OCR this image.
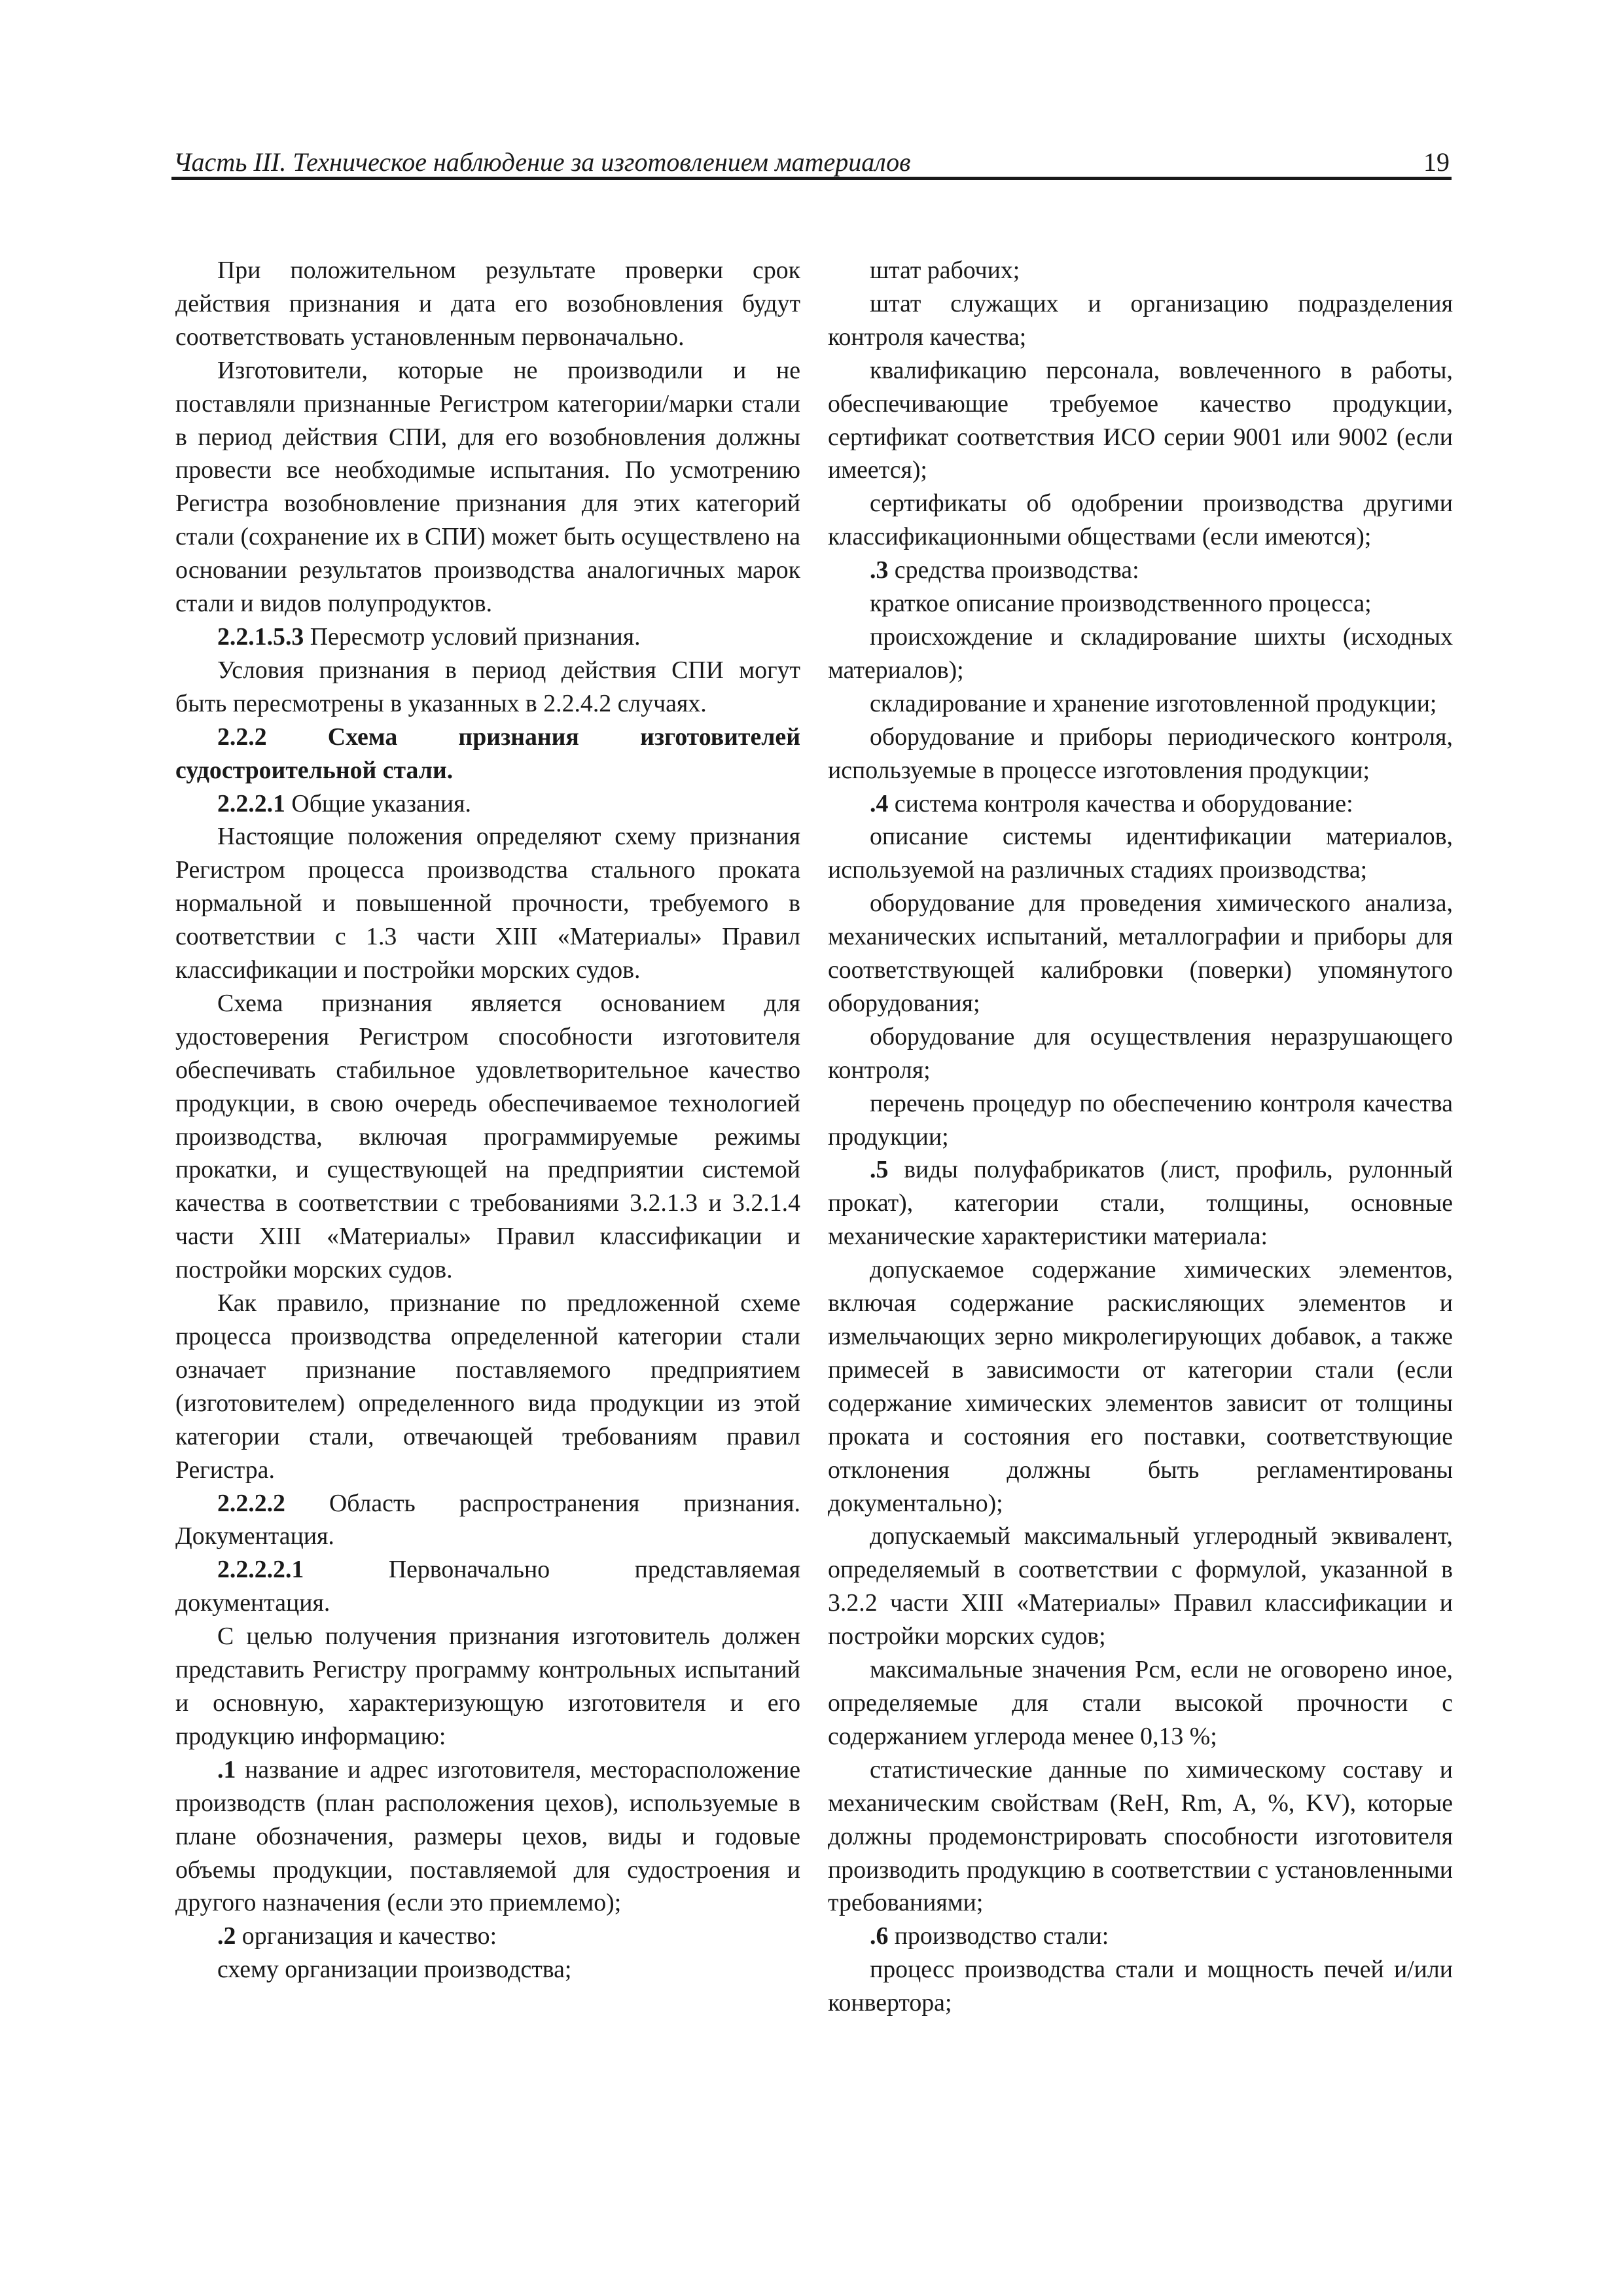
Часть III. Техническое наблюдение за изготовлением материалов	19

При положительном результате проверки срок действия признания и дата его возобновления будут соответствовать установленным первоначально.

Изготовители, которые не производили и не поставляли признанные Регистром категории/марки стали в период действия СПИ, для его возобновления должны провести все необходимые испытания. По усмотрению Регистра возобновление признания для этих категорий стали (сохранение их в СПИ) может быть осуществлено на основании результатов производства аналогичных марок стали и видов полупродуктов.

2.2.1.5.3 Пересмотр условий признания.

Условия признания в период действия СПИ могут быть пересмотрены в указанных в 2.2.4.2 случаях.

2.2.2 Схема признания изготовителей судостроительной стали.

2.2.2.1 Общие указания.

Настоящие положения определяют схему признания Регистром процесса производства стального проката нормальной и повышенной прочности, требуемого в соответствии с 1.3 части XIII «Материалы» Правил классификации и постройки морских судов.

Схема признания является основанием для удостоверения Регистром способности изготовителя обеспечивать стабильное удовлетворительное качество продукции, в свою очередь обеспечиваемое технологией производства, включая программируемые режимы прокатки, и существующей на предприятии системой качества в соответствии с требованиями 3.2.1.3 и 3.2.1.4 части XIII «Материалы» Правил классификации и постройки морских судов.

Как правило, признание по предложенной схеме процесса производства определенной категории стали означает признание поставляемого предприятием (изготовителем) определенного вида продукции из этой категории стали, отвечающей требованиям правил Регистра.

2.2.2.2 Область распространения признания. Документация.

2.2.2.2.1 Первоначально представляемая документация.

С целью получения признания изготовитель должен представить Регистру программу контрольных испытаний и основную, характеризующую изготовителя и его продукцию информацию:

.1 название и адрес изготовителя, месторасположение производств (план расположения цехов), используемые в плане обозначения, размеры цехов, виды и годовые объемы продукции, поставляемой для судостроения и другого назначения (если это приемлемо);

.2 организация и качество:

схему организации производства;

штат рабочих;

штат служащих и организацию подразделения контроля качества;

квалификацию персонала, вовлеченного в работы, обеспечивающие требуемое качество продукции, сертификат соответствия ИСО серии 9001 или 9002 (если имеется);

сертификаты об одобрении производства другими классификационными обществами (если имеются);

.3 средства производства:

краткое описание производственного процесса;

происхождение и складирование шихты (исходных материалов);

складирование и хранение изготовленной продукции;

оборудование и приборы периодического контроля, используемые в процессе изготовления продукции;

.4 система контроля качества и оборудование:

описание системы идентификации материалов, используемой на различных стадиях производства;

оборудование для проведения химического анализа, механических испытаний, металлографии и приборы для соответствующей калибровки (поверки) упомянутого оборудования;

оборудование для осуществления неразрушающего контроля;

перечень процедур по обеспечению контроля качества продукции;

.5 виды полуфабрикатов (лист, профиль, рулонный прокат), категории стали, толщины, основные механические характеристики материала:

допускаемое содержание химических элементов, включая содержание раскисляющих элементов и измельчающих зерно микролегирующих добавок, а также примесей в зависимости от категории стали (если содержание химических элементов зависит от толщины проката и состояния его поставки, соответствующие отклонения должны быть регламентированы документально);

допускаемый максимальный углеродный эквивалент, определяемый в соответствии с формулой, указанной в 3.2.2 части XIII «Материалы» Правил классификации и постройки морских судов;

максимальные значения Pсм, если не оговорено иное, определяемые для стали высокой прочности с содержанием углерода менее 0,13 %;

статистические данные по химическому составу и механическим свойствам (ReH, Rm, A, %, KV), которые должны продемонстрировать способности изготовителя производить продукцию в соответствии с установленными требованиями;

.6 производство стали:

процесс производства стали и мощность печей и/или конвертора;
